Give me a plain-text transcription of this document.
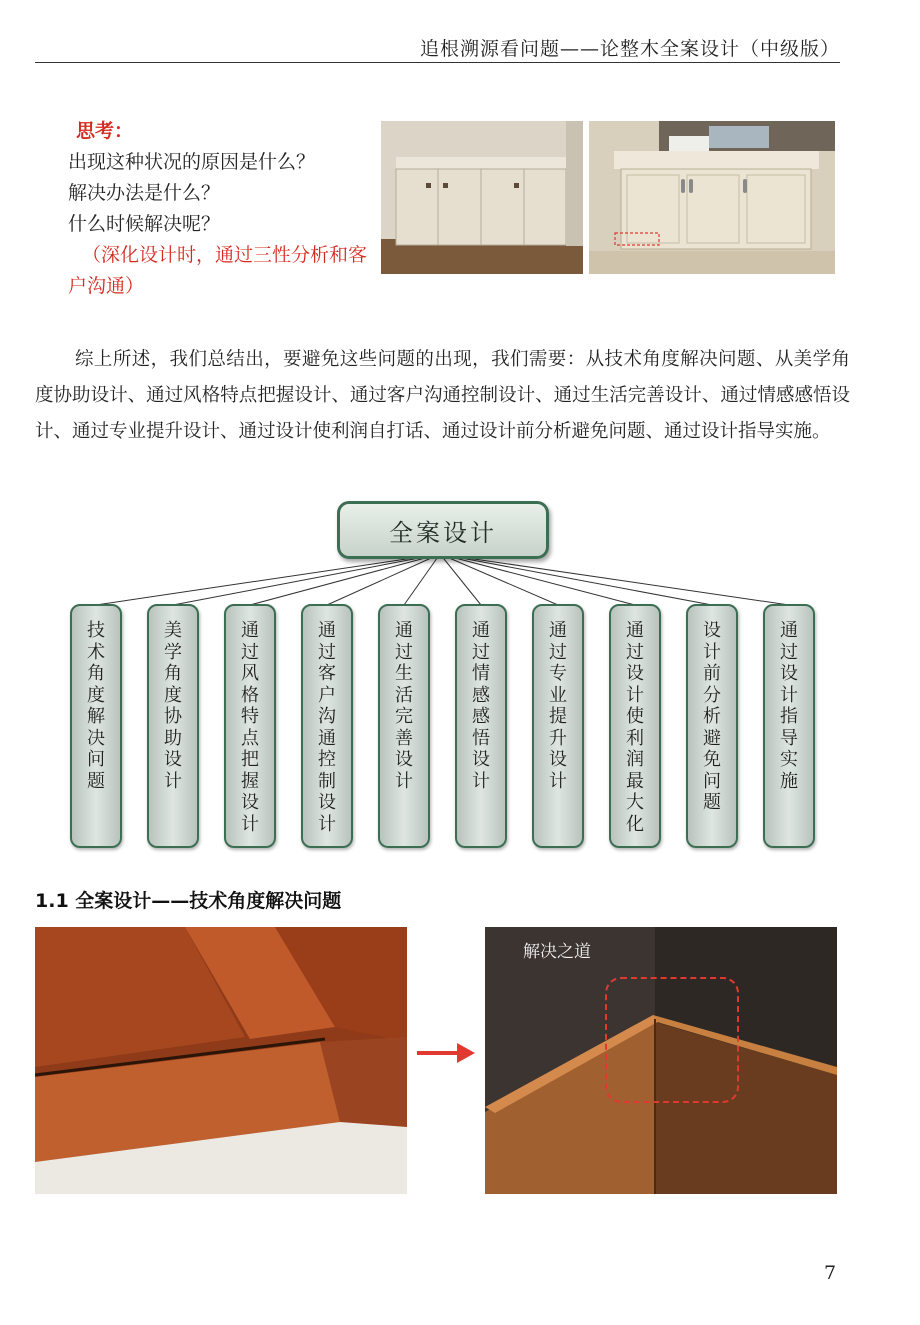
追根溯源看问题——论整木全案设计（中级版）
思考：
出现这种状况的原因是什么？
解决办法是什么？
什么时候解决呢？
（深化设计时，通过三性分析和客
户沟通）
综上所述，我们总结出，要避免这些问题的出现，我们需要：从技术角度解决问题、从美学角度协助设计、通过风格特点把握设计、通过客户沟通控制设计、通过生活完善设计、通过情感感悟设计、通过专业提升设计、通过设计使利润自打话、通过设计前分析避免问题、通过设计指导实施。
全案设计
技术角度解决问题
美学角度协助设计
通过风格特点把握设计
通过客户沟通控制设计
通过生活　完善设计
通过情感　感悟设计
通过专业　提升设计
通过设计使利润最大化
设计前分析避免问题
通过设计指导实施
1.1 全案设计——技术角度解决问题
解决之道
7
